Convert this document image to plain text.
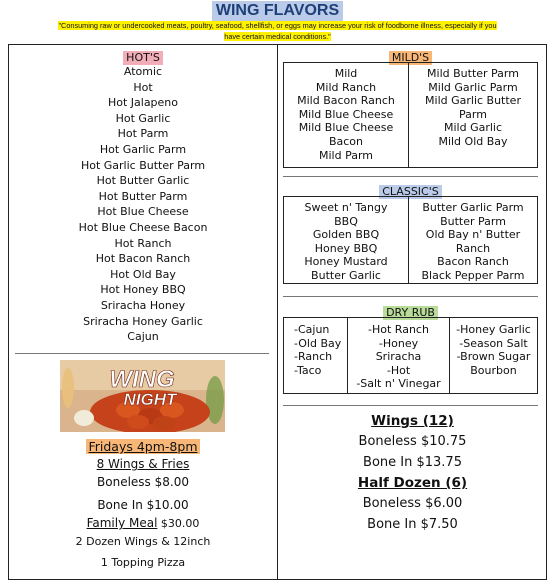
WING FLAVORS
"Consuming raw or undercooked meats, poultry, seafood, shellfish, or eggs may increase your risk of foodborne illness, especially if you have certain medical conditions."
HOT'S
Atomic
Hot
Hot Jalapeno
Hot Garlic
Hot Parm
Hot Garlic Parm
Hot Garlic Butter Parm
Hot Butter Garlic
Hot Butter Parm
Hot Blue Cheese
Hot Blue Cheese Bacon
Hot Ranch
Hot Bacon Ranch
Hot Old Bay
Hot Honey BBQ
Sriracha Honey
Sriracha Honey Garlic
Cajun
WING
NIGHT
Fridays 4pm-8pm
8 Wings & Fries
Boneless $8.00
Bone In $10.00
Family Meal $30.00
2 Dozen Wings & 12inch
1 Topping Pizza
MILD'S
Mild
Mild Ranch
Mild Bacon Ranch
Mild Blue Cheese
Mild Blue Cheese
Bacon
Mild Parm
Mild Butter Parm
Mild Garlic Parm
Mild Garlic Butter
Parm
Mild Garlic
Mild Old Bay
CLASSIC'S
Sweet n' Tangy
BBQ
Golden BBQ
Honey BBQ
Honey Mustard
Butter Garlic
Butter Garlic Parm
Butter Parm
Old Bay n' Butter
Ranch
Bacon Ranch
Black Pepper Parm
DRY RUB
-Cajun
-Old Bay
-Ranch
-Taco
-Hot Ranch
-Honey
Sriracha
-Hot
-Salt n' Vinegar
-Honey Garlic
-Season Salt
-Brown Sugar
Bourbon
Wings (12)
Boneless $10.75
Bone In $13.75
Half Dozen (6)
Boneless $6.00
Bone In $7.50
